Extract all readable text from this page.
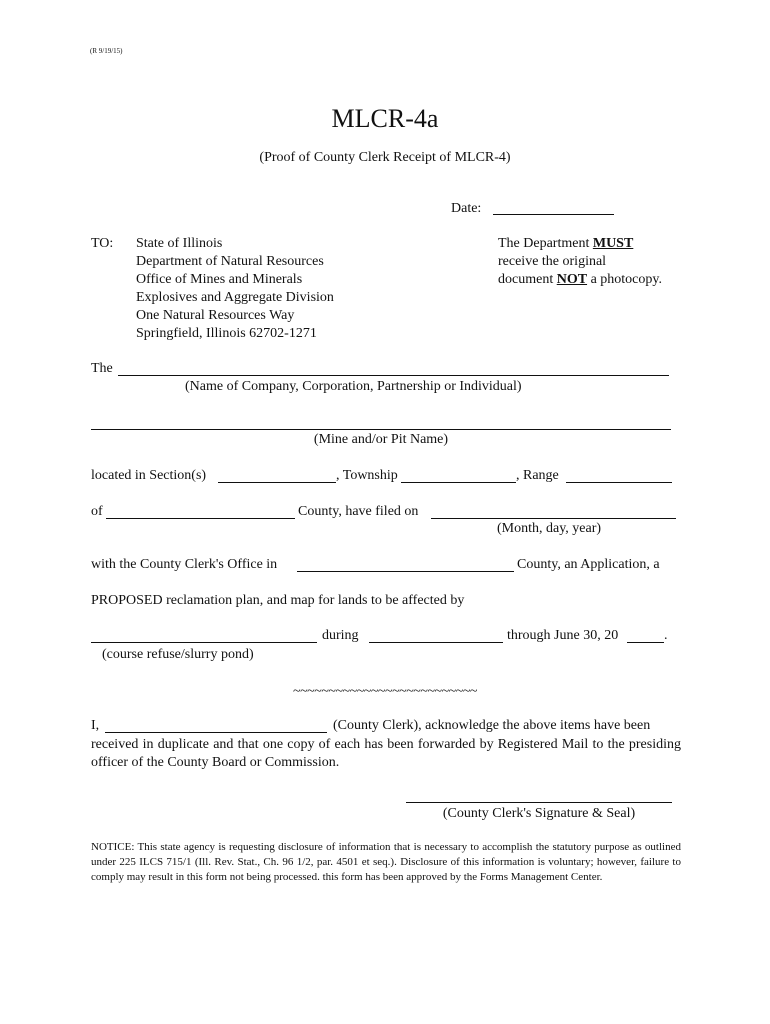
(R 9/19/15)
MLCR-4a
(Proof of County Clerk Receipt of MLCR-4)
Date:
TO: State of Illinois
Department of Natural Resources
Office of Mines and Minerals
Explosives and Aggregate Division
One Natural Resources Way
Springfield, Illinois 62702-1271
The Department MUST
receive the original
document NOT a photocopy.
The
(Name of Company, Corporation, Partnership or Individual)
(Mine and/or Pit Name)
located in Section(s)	, Township	, Range
of	County, have filed on
(Month, day, year)
with the County Clerk's Office in	County, an Application, a
PROPOSED reclamation plan, and map for lands to be affected by
during	through June 30, 20	.
(course refuse/slurry pond)
~~~~~~~~~~~~~~~~~~~~~~~~~~
I,	(County Clerk), acknowledge the above items have been
received in duplicate and that one copy of each has been forwarded by Registered Mail to the presiding officer of the County Board or Commission.
(County Clerk's Signature & Seal)
NOTICE: This state agency is requesting disclosure of information that is necessary to accomplish the statutory purpose as outlined under 225 ILCS 715/1 (Ill. Rev. Stat., Ch. 96 1/2, par. 4501 et seq.). Disclosure of this information is voluntary; however, failure to comply may result in this form not being processed. this form has been approved by the Forms Management Center.
